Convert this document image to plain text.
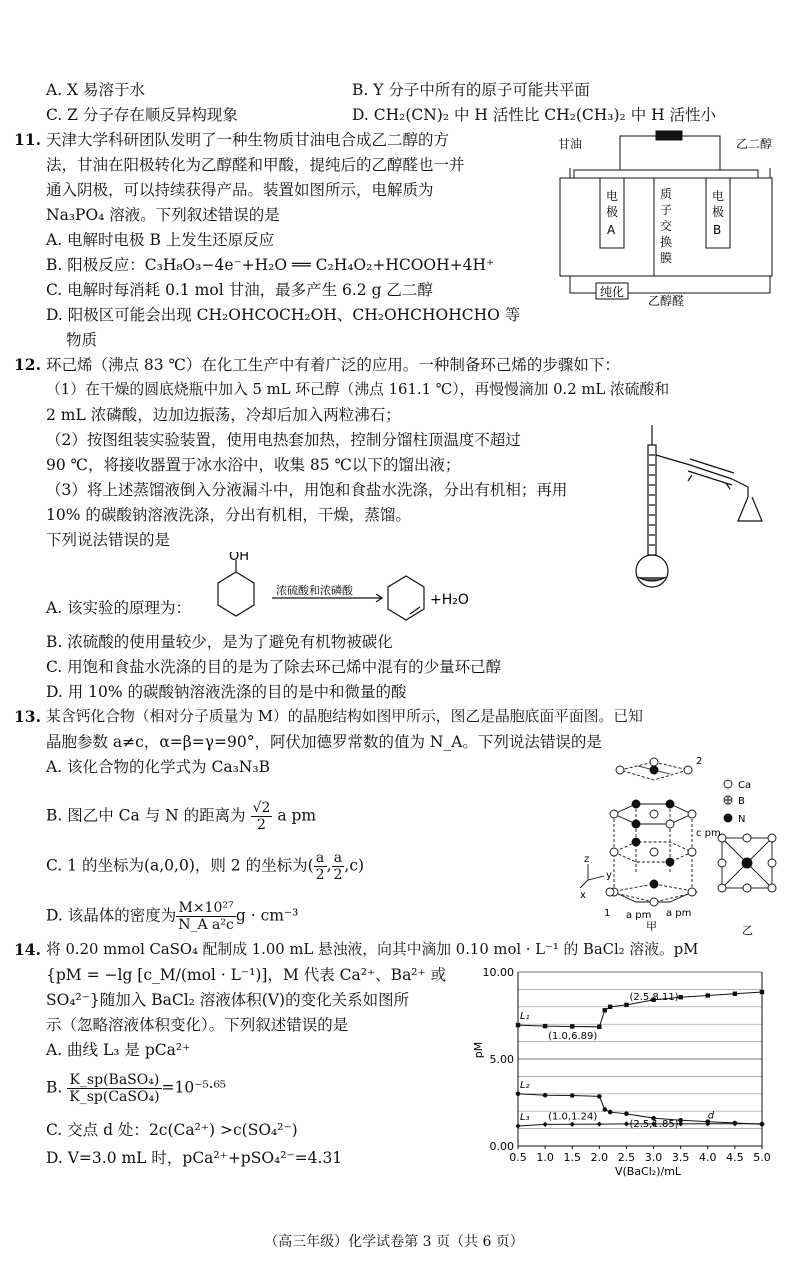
A. X 易溶于水	B. Y 分子中所有的原子可能共平面
C. Z 分子存在顺反异构现象	D. CH₂(CN)₂ 中 H 活性比 CH₂(CH₃)₂ 中 H 活性小
11. 天津大学科研团队发明了一种生物质甘油电合成乙二醇的方
法，甘油在阳极转化为乙醇醛和甲酸，提纯后的乙醇醛也一并
通入阴极，可以持续获得产品。装置如图所示，电解质为
Na₃PO₄ 溶液。下列叙述错误的是
A. 电解时电极 B 上发生还原反应
B. 阳极反应：C₃H₈O₃−4e⁻+H₂O ══ C₂H₄O₂+HCOOH+4H⁺
C. 电解时每消耗 0.1 mol 甘油，最多产生 6.2 g 乙二醇
D. 阳极区可能会出现 CH₂OHCOCH₂OH、CH₂OHCHOHCHO 等
物质
甘油	乙二醇
电
极
A
质
子
交
换
膜
电
极
B
纯化
乙醇醛
12. 环己烯（沸点 83 ℃）在化工生产中有着广泛的应用。一种制备环己烯的步骤如下：
（1）在干燥的圆底烧瓶中加入 5 mL 环己醇（沸点 161.1 ℃），再慢慢滴加 0.2 mL 浓硫酸和
2 mL 浓磷酸，边加边振荡，冷却后加入两粒沸石；
（2）按图组装实验装置，使用电热套加热，控制分馏柱顶温度不超过
90 ℃，将接收器置于冰水浴中，收集 85 ℃以下的馏出液；
（3）将上述蒸馏液倒入分液漏斗中，用饱和食盐水洗涤，分出有机相；再用
10% 的碳酸钠溶液洗涤，分出有机相，干燥，蒸馏。
下列说法错误的是
A. 该实验的原理为：
OH
浓硫酸和浓磷酸
+H₂O
B. 浓硫酸的使用量较少，是为了避免有机物被碳化
C. 用饱和食盐水洗涤的目的是为了除去环己烯中混有的少量环己醇
D. 用 10% 的碳酸钠溶液洗涤的目的是中和微量的酸
13. 某含钙化合物（相对分子质量为 M）的晶胞结构如图甲所示，图乙是晶胞底面平面图。已知
晶胞参数 a≠c，α=β=γ=90°，阿伏加德罗常数的值为 N_A。下列说法错误的是
A. 该化合物的化学式为 Ca₃N₃B
B. 图乙中 Ca 与 N 的距离为 $\frac{√2}{2}$ a pm
C. 1 的坐标为(a,0,0)，则 2 的坐标为( $\frac{a}{2}$ , $\frac{a}{2} ,c$)
D. 该晶体的密度为 $\frac{\text{M×10²⁷}}{\text{N\_A a²c}}$ g · cm⁻³
Ca
B
N
c pm
a pm a pm
1
2
x
y
z
甲	乙
14. 将 0.20 mmol CaSO₄ 配制成 1.00 mL 悬浊液，向其中滴加 0.10 mol · L⁻¹ 的 BaCl₂ 溶液。pM
{pM = −lg [c_M/(mol · L⁻¹)]，M 代表 Ca²⁺、Ba²⁺ 或
SO₄²⁻}随加入 BaCl₂ 溶液体积(V)的变化关系如图所
示（忽略溶液体积变化）。下列叙述错误的是
A. 曲线 L₃ 是 pCa²⁺
B. $\frac{\text{K\_sp(BaSO₄)}}{\text{K\_sp(CaSO₄)}} =10^{-5}\cdot^{65}$
C. 交点 d 处：2c(Ca²⁺) >c(SO₄²⁻)
D. V=3.0 mL 时，pCa²⁺+pSO₄²⁻=4.31	0.5 1.0 1.5 2.0 2.5 3.0 3.5 4.0 4.5 5.0
0.00
5.00
10.00
L₁
L₂
L₃
(1.0,6.89)
(2.5,8.11)
(2.5,1.85)
(1.0,1.24)	d
V(BaCl₂)/mL
pM
（高三年级）化学试卷第 3 页（共 6 页）
